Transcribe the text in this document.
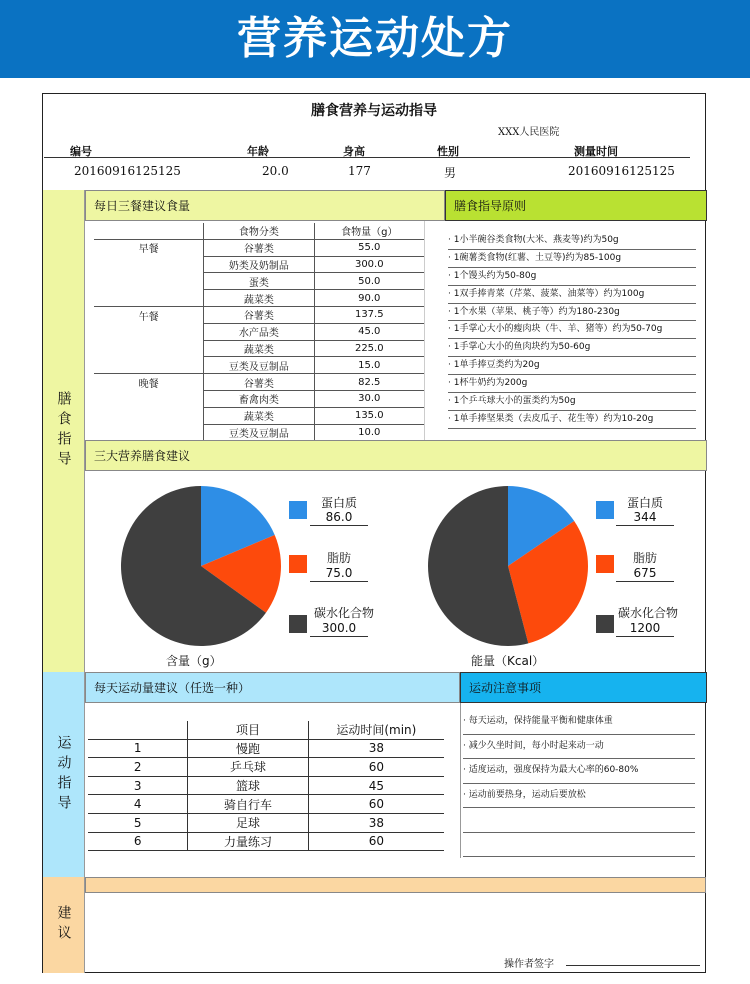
营养运动处方
膳食营养与运动指导
XXX人民医院
编号	年龄	身高	性别	测量时间
20160916125125	20.0	177	男	20160916125125
膳食指导
运动指导
建议
每日三餐建议食量	膳食指导原则
	食物分类	食物量（g）
早餐	谷薯类	55.0
	奶类及奶制品	300.0
	蛋类	50.0
	蔬菜类	90.0
午餐	谷薯类	137.5
	水产品类	45.0
	蔬菜类	225.0
	豆类及豆制品	15.0
晚餐	谷薯类	82.5
	畜禽肉类	30.0
	蔬菜类	135.0
	豆类及豆制品	10.0
· 1小半碗谷类食物(大米、燕麦等)约为50g
· 1碗薯类食物(红薯、土豆等)约为85-100g
· 1个馒头约为50-80g
· 1双手捧青菜（芹菜、菠菜、油菜等）约为100g
· 1个水果（苹果、桃子等）约为180-230g
· 1手掌心大小的瘦肉块（牛、羊、猪等）约为50-70g
· 1手掌心大小的鱼肉块约为50-60g
· 1单手捧豆类约为20g
· 1杯牛奶约为200g
· 1个乒乓球大小的蛋类约为50g
· 1单手捧坚果类（去皮瓜子、花生等）约为10-20g
三大营养膳食建议
蛋白质
86.0
脂肪
75.0
碳水化合物
300.0
含量（g）
蛋白质
344
脂肪
675
碳水化合物
1200
能量（Kcal）
每天运动量建议（任选一种）	运动注意事项
	项目	运动时间(min)
1	慢跑	38
2	乒乓球	60
3	篮球	45
4	骑自行车	60
5	足球	38
6	力量练习	60
· 每天运动，保持能量平衡和健康体重
· 减少久坐时间，每小时起来动一动
· 适度运动，强度保持为最大心率的60-80%
· 运动前要热身，运动后要放松
操作者签字
